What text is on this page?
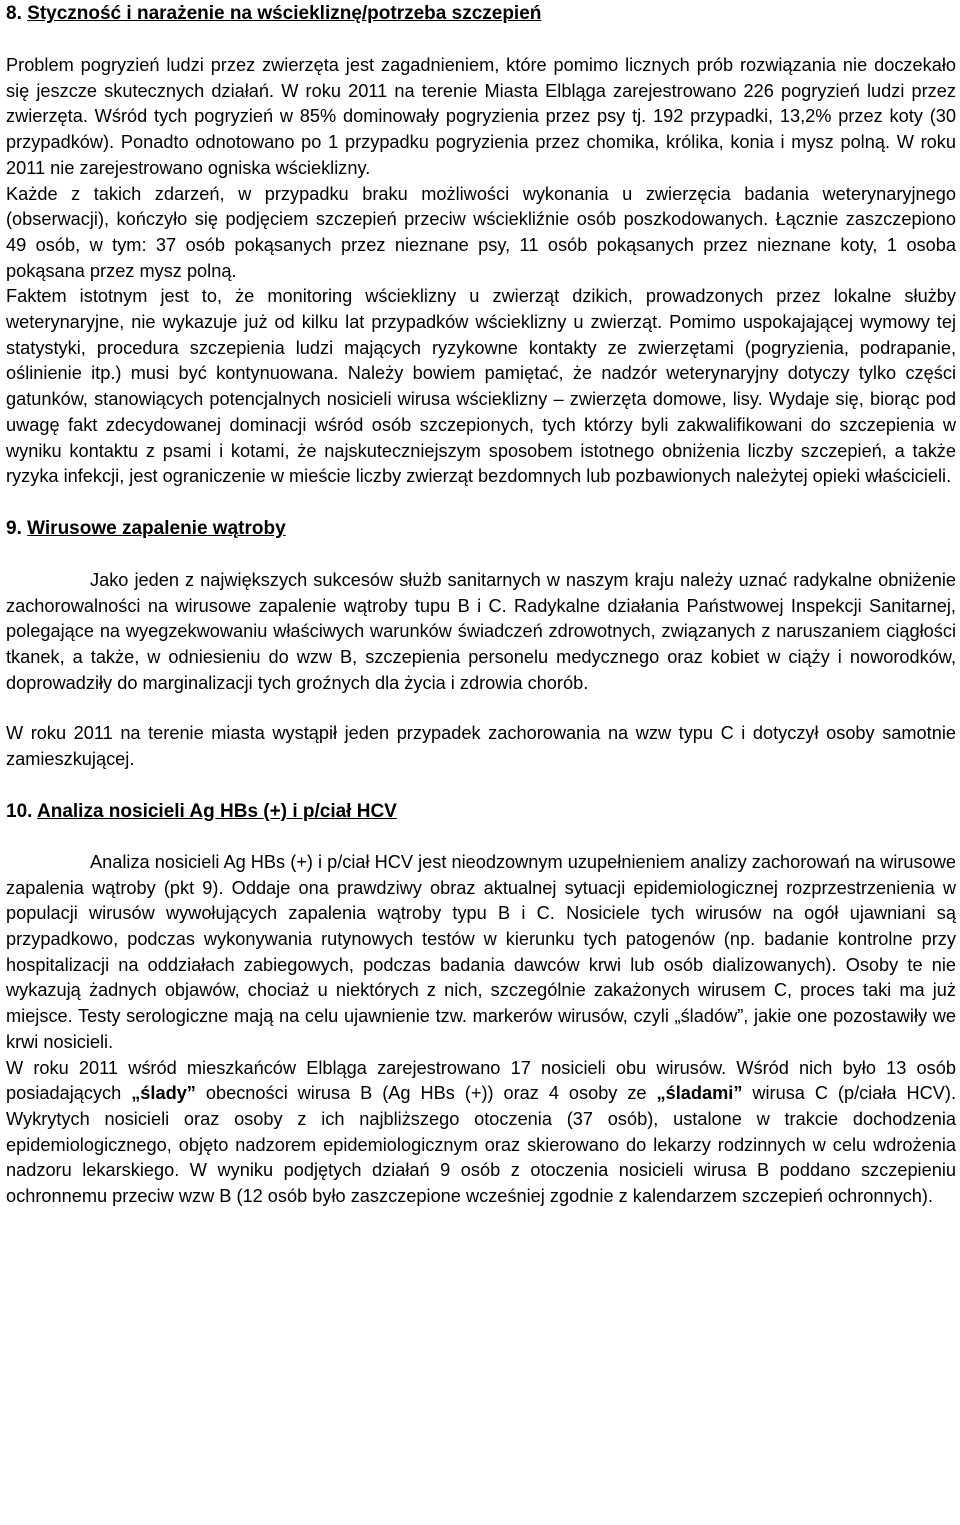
8. Styczność i narażenie na wściekliznę/potrzeba szczepień

Problem pogryzień ludzi przez zwierzęta jest zagadnieniem, które pomimo licznych prób rozwiązania nie doczekało się jeszcze skutecznych działań. W roku 2011 na terenie Miasta Elbląga zarejestrowano 226 pogryzień ludzi przez zwierzęta. Wśród tych pogryzień w 85% dominowały pogryzienia przez psy tj. 192 przypadki, 13,2% przez koty (30 przypadków). Ponadto odnotowano po 1 przypadku pogryzienia przez chomika, królika, konia i mysz polną. W roku 2011 nie zarejestrowano ogniska wścieklizny.

Każde z takich zdarzeń, w przypadku braku możliwości wykonania u zwierzęcia badania weterynaryjnego (obserwacji), kończyło się podjęciem szczepień przeciw wściekliźnie osób poszkodowanych. Łącznie zaszczepiono 49 osób, w tym: 37 osób pokąsanych przez nieznane psy, 11 osób pokąsanych przez nieznane koty, 1 osoba pokąsana przez mysz polną.

Faktem istotnym jest to, że monitoring wścieklizny u zwierząt dzikich, prowadzonych przez lokalne służby weterynaryjne, nie wykazuje już od kilku lat przypadków wścieklizny u zwierząt. Pomimo uspokajającej wymowy tej statystyki, procedura szczepienia ludzi mających ryzykowne kontakty ze zwierzętami (pogryzienia, podrapanie, oślinienie itp.) musi być kontynuowana. Należy bowiem pamiętać, że nadzór weterynaryjny dotyczy tylko części gatunków, stanowiących potencjalnych nosicieli wirusa wścieklizny – zwierzęta domowe, lisy. Wydaje się, biorąc pod uwagę fakt zdecydowanej dominacji wśród osób szczepionych, tych którzy byli zakwalifikowani do szczepienia w wyniku kontaktu z psami i kotami, że najskuteczniejszym sposobem istotnego obniżenia liczby szczepień, a także ryzyka infekcji, jest ograniczenie w mieście liczby zwierząt bezdomnych lub pozbawionych należytej opieki właścicieli.

9. Wirusowe zapalenie wątroby

Jako jeden z największych sukcesów służb sanitarnych w naszym kraju należy uznać radykalne obniżenie zachorowalności na wirusowe zapalenie wątroby tupu B i C. Radykalne działania Państwowej Inspekcji Sanitarnej, polegające na wyegzekwowaniu właściwych warunków świadczeń zdrowotnych, związanych z naruszaniem ciągłości tkanek, a także, w odniesieniu do wzw B, szczepienia personelu medycznego oraz kobiet w ciąży i noworodków, doprowadziły do marginalizacji tych groźnych dla życia i zdrowia chorób.

W roku 2011 na terenie miasta wystąpił jeden przypadek zachorowania na wzw typu C i dotyczył osoby samotnie zamieszkującej.

10. Analiza nosicieli Ag HBs (+) i p/ciał HCV

Analiza nosicieli Ag HBs (+) i p/ciał HCV jest nieodzownym uzupełnieniem analizy zachorowań na wirusowe zapalenia wątroby (pkt 9). Oddaje ona prawdziwy obraz aktualnej sytuacji epidemiologicznej rozprzestrzenienia w populacji wirusów wywołujących zapalenia wątroby typu B i C. Nosiciele tych wirusów na ogół ujawniani są przypadkowo, podczas wykonywania rutynowych testów w kierunku tych patogenów (np. badanie kontrolne przy hospitalizacji na oddziałach zabiegowych, podczas badania dawców krwi lub osób dializowanych). Osoby te nie wykazują żadnych objawów, chociaż u niektórych z nich, szczególnie zakażonych wirusem C, proces taki ma już miejsce. Testy serologiczne mają na celu ujawnienie tzw. markerów wirusów, czyli „śladów”, jakie one pozostawiły we krwi nosicieli.

W roku 2011 wśród mieszkańców Elbląga zarejestrowano 17 nosicieli obu wirusów. Wśród nich było 13 osób posiadających „ślady” obecności wirusa B (Ag HBs (+)) oraz 4 osoby ze „śladami” wirusa C (p/ciała HCV). Wykrytych nosicieli oraz osoby z ich najbliższego otoczenia (37 osób), ustalone w trakcie dochodzenia epidemiologicznego, objęto nadzorem epidemiologicznym oraz skierowano do lekarzy rodzinnych w celu wdrożenia nadzoru lekarskiego. W wyniku podjętych działań 9 osób z otoczenia nosicieli wirusa B poddano szczepieniu ochronnemu przeciw wzw B (12 osób było zaszczepione wcześniej zgodnie z kalendarzem szczepień ochronnych).
